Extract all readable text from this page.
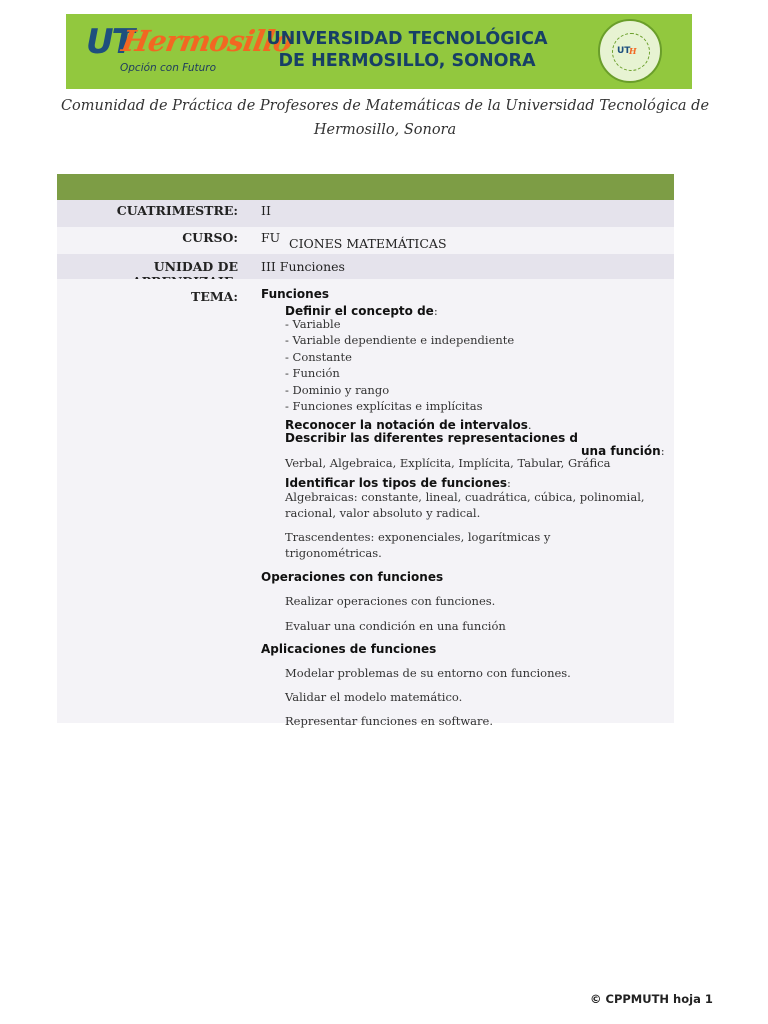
UT
Hermosillo
Opción con Futuro
UNIVERSIDAD TECNOLÓGICA
DE HERMOSILLO, SONORA	UT
H
Comunidad de Práctica de Profesores de Matemáticas de la Universidad Tecnológica de
Hermosillo, Sonora
CUATRIMESTRE:	II
CURSO:	FU CIONES MATEMÁTICAS
UNIDAD DE	III Funciones
TEMA:	Funciones
Definir el concepto de:
- Variable
- Variable dependiente e independiente
- Constante
- Función
- Dominio y rango
- Funciones explícitas e implícitas
Reconocer la notación de intervalos.
Describir las diferentes representaciones d
una función:
Verbal, Algebraica, Explícita, Implícita, Tabular, Gráfica
Identificar los tipos de funciones:
Algebraicas: constante, lineal, cuadrática, cúbica, polinomial,
racional, valor absoluto y radical.
Trascendentes: exponenciales, logarítmicas y
trigonométricas.
Operaciones con funciones
Realizar operaciones con funciones.
Evaluar una condición en una función
Aplicaciones de funciones
Modelar problemas de su entorno con funciones.
Validar el modelo matemático.
Representar funciones en software.
© CPPMUTH hoja 1
